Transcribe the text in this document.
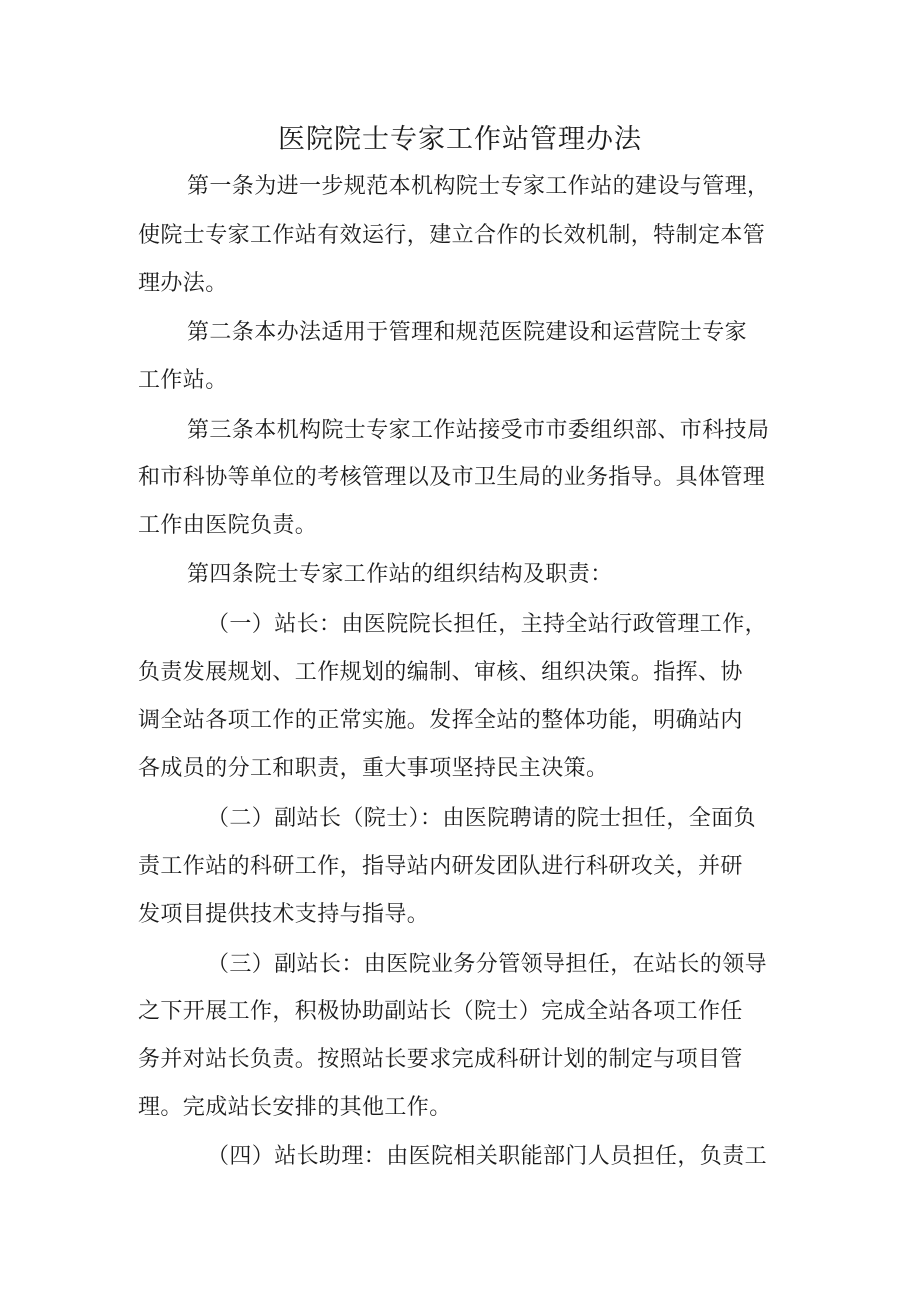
医院院士专家工作站管理办法
第一条为进一步规范本机构院士专家工作站的建设与管理，
使院士专家工作站有效运行，建立合作的长效机制，特制定本管
理办法。
第二条本办法适用于管理和规范医院建设和运营院士专家
工作站。
第三条本机构院士专家工作站接受市市委组织部、市科技局
和市科协等单位的考核管理以及市卫生局的业务指导。具体管理
工作由医院负责。
第四条院士专家工作站的组织结构及职责：
（一）站长：由医院院长担任，主持全站行政管理工作，
负责发展规划、工作规划的编制、审核、组织决策。指挥、协
调全站各项工作的正常实施。发挥全站的整体功能，明确站内
各成员的分工和职责，重大事项坚持民主决策。
（二）副站长（院士）：由医院聘请的院士担任，全面负
责工作站的科研工作，指导站内研发团队进行科研攻关，并研
发项目提供技术支持与指导。
（三）副站长：由医院业务分管领导担任，在站长的领导
之下开展工作，积极协助副站长（院士）完成全站各项工作任
务并对站长负责。按照站长要求完成科研计划的制定与项目管
理。完成站长安排的其他工作。
（四）站长助理：由医院相关职能部门人员担任，负责工
